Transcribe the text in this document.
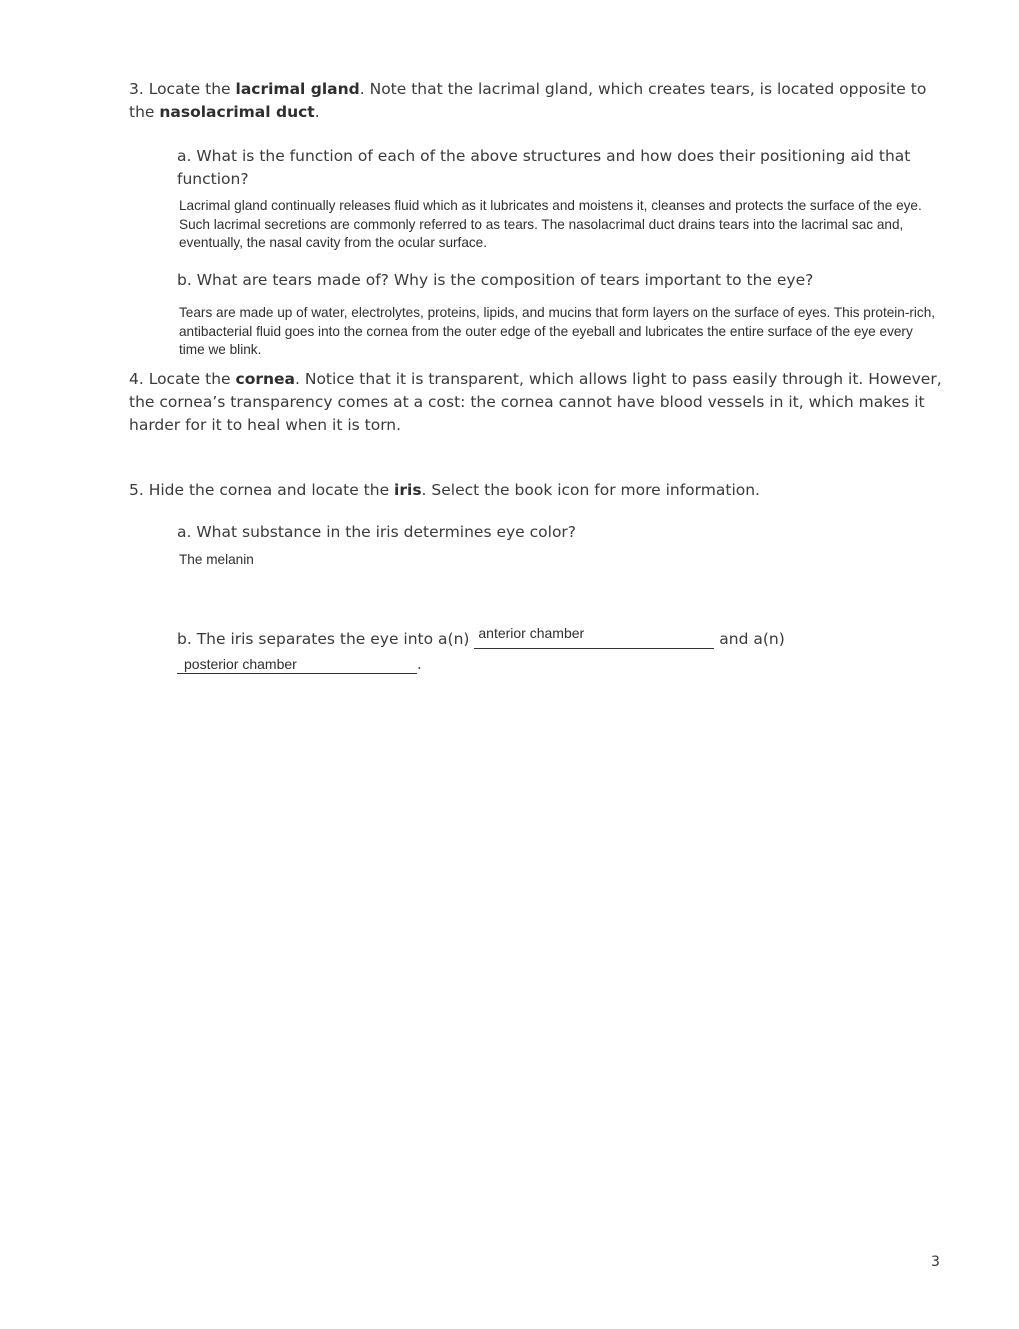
3. Locate the lacrimal gland. Note that the lacrimal gland, which creates tears, is located opposite to the nasolacrimal duct.

a. What is the function of each of the above structures and how does their positioning aid that function?

Lacrimal gland continually releases fluid which as it lubricates and moistens it, cleanses and protects the surface of the eye. Such lacrimal secretions are commonly referred to as tears. The nasolacrimal duct drains tears into the lacrimal sac and, eventually, the nasal cavity from the ocular surface.

b. What are tears made of? Why is the composition of tears important to the eye?

Tears are made up of water, electrolytes, proteins, lipids, and mucins that form layers on the surface of eyes. This protein-rich, antibacterial fluid goes into the cornea from the outer edge of the eyeball and lubricates the entire surface of the eye every time we blink.

4. Locate the cornea. Notice that it is transparent, which allows light to pass easily through it. However, the cornea’s transparency comes at a cost: the cornea cannot have blood vessels in it, which makes it harder for it to heal when it is torn.

5. Hide the cornea and locate the iris. Select the book icon for more information.

a. What substance in the iris determines eye color?

The melanin

b. The iris separates the eye into a(n) anterior chamber	and a(n)

posterior chamber	.
3
